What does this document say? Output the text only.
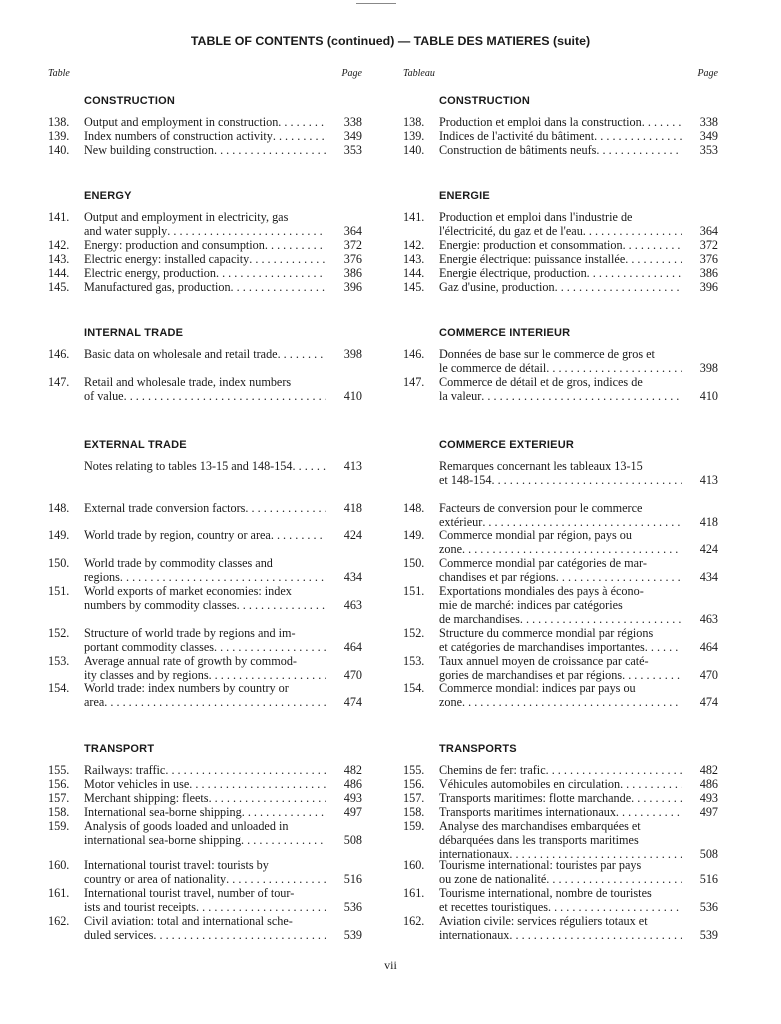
TABLE OF CONTENTS (continued) — TABLE DES MATIERES (suite)
Table	Page
CONSTRUCTION
138.	Output and employment in construction . . .	338
139.	Index numbers of construction activity . . .	349
140.	New building construction . . .	353
ENERGY
141.	Output and employment in electricity, gas
and water supply . . .	364
142.	Energy: production and consumption . . .	372
143.	Electric energy: installed capacity . . .	376
144.	Electric energy, production . . .	386
145.	Manufactured gas, production . . .	396
INTERNAL TRADE
146.	Basic data on wholesale and retail trade . . .	398
147.	Retail and wholesale trade, index numbers
of value . . .	410
EXTERNAL TRADE
Notes relating to tables 13-15 and 148-154 . . .	413
148.	External trade conversion factors . . .	418
149.	World trade by region, country or area . . .	424
150.	World trade by commodity classes and
regions . . .	434
151.	World exports of market economies: index
numbers by commodity classes . . .	463
152.	Structure of world trade by regions and im-
portant commodity classes . . .	464
153.	Average annual rate of growth by commod-
ity classes and by regions . . .	470
154.	World trade: index numbers by country or
area . . .	474
TRANSPORT
155.	Railways: traffic . . .	482
156.	Motor vehicles in use . . .	486
157.	Merchant shipping: fleets . . .	493
158.	International sea-borne shipping . . .	497
159.	Analysis of goods loaded and unloaded in
international sea-borne shipping . . .	508
160.	International tourist travel: tourists by
country or area of nationality . . .	516
161.	International tourist travel, number of tour-
ists and tourist receipts . . .	536
162.	Civil aviation: total and international sche-
duled services . . .	539
Tableau	Page
CONSTRUCTION
138.	Production et emploi dans la construction . . .	338
139.	Indices de l'activité du bâtiment . . .	349
140.	Construction de bâtiments neufs . . .	353
ENERGIE
141.	Production et emploi dans l'industrie de
l'électricité, du gaz et de l'eau . . .	364
142.	Energie: production et consommation . . .	372
143.	Energie électrique: puissance installée . . .	376
144.	Energie électrique, production . . .	386
145.	Gaz d'usine, production . . .	396
COMMERCE INTERIEUR
146.	Données de base sur le commerce de gros et
le commerce de détail . . .	398
147.	Commerce de détail et de gros, indices de
la valeur . . .	410
COMMERCE EXTERIEUR
Remarques concernant les tableaux 13-15
et 148-154 . . .	413
148.	Facteurs de conversion pour le commerce
extérieur . . .	418
149.	Commerce mondial par région, pays ou
zone . . .	424
150.	Commerce mondial par catégories de mar-
chandises et par régions . . .	434
151.	Exportations mondiales des pays à écono-
mie de marché: indices par catégories
de marchandises . . .	463
152.	Structure du commerce mondial par régions
et catégories de marchandises importantes . . .	464
153.	Taux annuel moyen de croissance par caté-
gories de marchandises et par régions . . .	470
154.	Commerce mondial: indices par pays ou
zone . . .	474
TRANSPORTS
155.	Chemins de fer: trafic . . .	482
156.	Véhicules automobiles en circulation . . .	486
157.	Transports maritimes: flotte marchande . . .	493
158.	Transports maritimes internationaux . . .	497
159.	Analyse des marchandises embarquées et
débarquées dans les transports maritimes
internationaux . . .	508
160.	Tourisme international: touristes par pays
ou zone de nationalité . . .	516
161.	Tourisme international, nombre de touristes
et recettes touristiques . . .	536
162.	Aviation civile: services réguliers totaux et
internationaux . . .	539
vii
